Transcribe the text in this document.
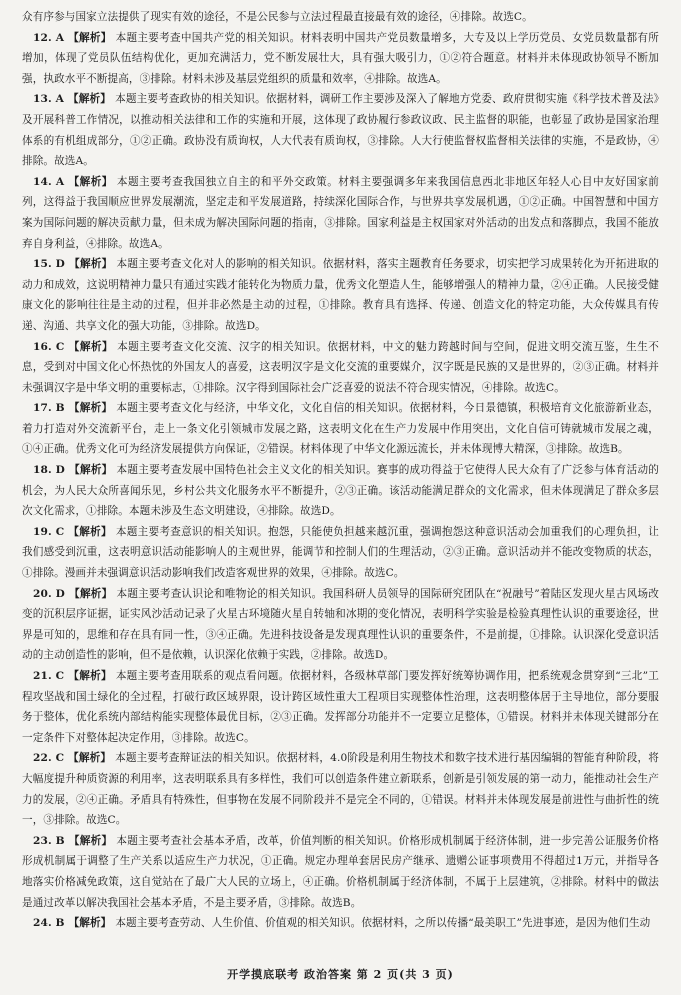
众有序参与国家立法提供了现实有效的途径，不是公民参与立法过程最直接最有效的途径，④排除。故选C。

12. A 【解析】 本题主要考查中国共产党的相关知识。材料表明中国共产党员数量增多，大专及以上学历党员、女党员数量都有所增加，体现了党员队伍结构优化，更加充满活力，党不断发展壮大，具有强大吸引力，①②符合题意。材料并未体现政协领导不断加强，执政水平不断提高，③排除。材料未涉及基层党组织的质量和效率，④排除。故选A。

13. A 【解析】 本题主要考查政协的相关知识。依据材料，调研工作主要涉及深入了解地方党委、政府贯彻实施《科学技术普及法》及开展科普工作情况，以推动相关法律和工作的实施和开展，这体现了政协履行参政议政、民主监督的职能，也彰显了政协是国家治理体系的有机组成部分，①②正确。政协没有质询权，人大代表有质询权，③排除。人大行使监督权监督相关法律的实施，不是政协，④排除。故选A。

14. A 【解析】 本题主要考查我国独立自主的和平外交政策。材料主要强调多年来我国信息西北非地区年轻人心目中友好国家前列，这得益于我国顺应世界发展潮流，坚定走和平发展道路，持续深化国际合作，与世界共享发展机遇，①②正确。中国智慧和中国方案为国际问题的解决贡献力量，但未成为解决国际问题的指南，③排除。国家利益是主权国家对外活动的出发点和落脚点，我国不能放弃自身利益，④排除。故选A。

15. D 【解析】 本题主要考查文化对人的影响的相关知识。依据材料，落实主题教育任务要求，切实把学习成果转化为开拓进取的动力和成效，这说明精神力量只有通过实践才能转化为物质力量，优秀文化塑造人生，能够增强人的精神力量，②④正确。人民接受健康文化的影响往往是主动的过程，但并非必然是主动的过程，①排除。教育具有选择、传递、创造文化的特定功能，大众传媒具有传递、沟通、共享文化的强大功能，③排除。故选D。

16. C 【解析】 本题主要考查文化交流、汉字的相关知识。依据材料，中文的魅力跨越时间与空间，促进文明交流互鉴，生生不息，受到对中国文化心怀热忱的外国友人的喜爱，这表明汉字是文化交流的重要媒介，汉字既是民族的又是世界的，②③正确。材料并未强调汉字是中华文明的重要标志，①排除。汉字得到国际社会广泛喜爱的说法不符合现实情况，④排除。故选C。

17. B 【解析】 本题主要考查文化与经济，中华文化，文化自信的相关知识。依据材料，今日景德镇，积极培育文化旅游新业态，着力打造对外交流新平台，走上一条文化引领城市发展之路，这表明文化在生产力发展中作用突出，文化自信可铸就城市发展之魂，①④正确。优秀文化可为经济发展提供方向保证，②错误。材料体现了中华文化源远流长，并未体现博大精深，③排除。故选B。

18. D 【解析】 本题主要考查发展中国特色社会主义文化的相关知识。赛事的成功得益于它使得人民大众有了广泛参与体育活动的机会，为人民大众所喜闻乐见，乡村公共文化服务水平不断提升，②③正确。该活动能满足群众的文化需求，但未体现满足了群众多层次文化需求，①排除。本题未涉及生态文明建设，④排除。故选D。

19. C 【解析】 本题主要考查意识的相关知识。抱怨，只能使负担越来越沉重，强调抱怨这种意识活动会加重我们的心理负担，让我们感受到沉重，这表明意识活动能影响人的主观世界，能调节和控制人们的生理活动，②③正确。意识活动并不能改变物质的状态，①排除。漫画并未强调意识活动影响我们改造客观世界的效果，④排除。故选C。

20. D 【解析】 本题主要考查认识论和唯物论的相关知识。我国科研人员领导的国际研究团队在“祝融号”着陆区发现火星古风场改变的沉积层序证据，证实风沙活动记录了火星古环境随火星自转轴和冰期的变化情况，表明科学实验是检验真理性认识的重要途径，世界是可知的，思维和存在具有同一性，③④正确。先进科技设备是发现真理性认识的重要条件，不是前提，①排除。认识深化受意识活动的主动创造性的影响，但不是依赖，认识深化依赖于实践，②排除。故选D。

21. C 【解析】 本题主要考查用联系的观点看问题。依据材料，各级林草部门要发挥好统筹协调作用，把系统观念贯穿到“三北”工程攻坚战和国土绿化的全过程，打破行政区域界限，设计跨区域性重大工程项目实现整体性治理，这表明整体居于主导地位，部分要服务于整体，优化系统内部结构能实现整体最优目标，②③正确。发挥部分功能并不一定要立足整体，①错误。材料并未体现关键部分在一定条件下对整体起决定作用，③排除。故选C。

22. C 【解析】 本题主要考查辩证法的相关知识。依据材料，4.0阶段是利用生物技术和数字技术进行基因编辑的智能育种阶段，将大幅度提升种质资源的利用率，这表明联系具有多样性，我们可以创造条件建立新联系，创新是引领发展的第一动力，能推动社会生产力的发展，②④正确。矛盾具有特殊性，但事物在发展不同阶段并不是完全不同的，①错误。材料并未体现发展是前进性与曲折性的统一，③排除。故选C。

23. B 【解析】 本题主要考查社会基本矛盾，改革，价值判断的相关知识。价格形成机制属于经济体制，进一步完善公证服务价格形成机制属于调整了生产关系以适应生产力状况，①正确。规定办理单套居民房产继承、遗赠公证事项费用不得超过1万元，并指导各地落实价格减免政策，这自觉站在了最广大人民的立场上，④正确。价格机制属于经济体制，不属于上层建筑，②排除。材料中的做法是通过改革以解决我国社会基本矛盾，不是主要矛盾，③排除。故选B。

24. B 【解析】 本题主要考查劳动、人生价值、价值观的相关知识。依据材料，之所以传播“最美职工”先进事迹，是因为他们生动

开学摸底联考 政治答案 第 2 页(共 3 页)
